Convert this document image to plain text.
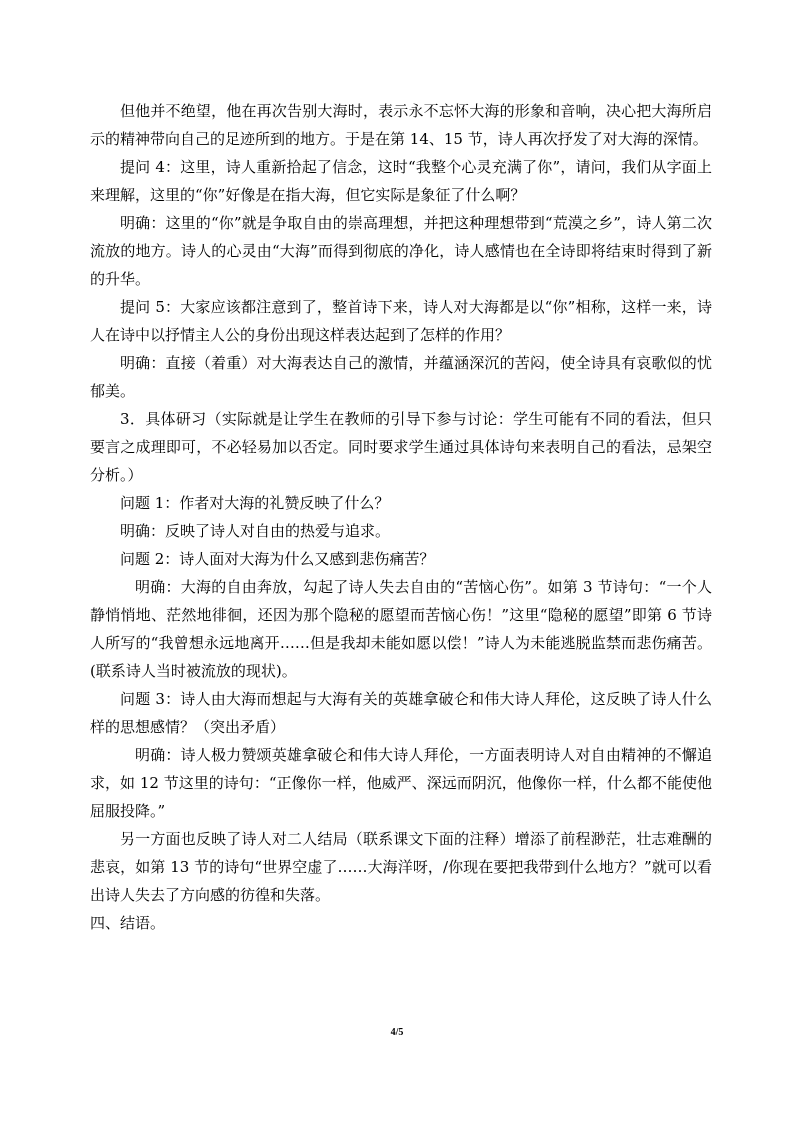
但他并不绝望，他在再次告别大海时，表示永不忘怀大海的形象和音响，决心把大海所启示的精神带向自己的足迹所到的地方。于是在第 14、15 节，诗人再次抒发了对大海的深情。

提问 4：这里，诗人重新拾起了信念，这时“我整个心灵充满了你”，请问，我们从字面上来理解，这里的“你”好像是在指大海，但它实际是象征了什么啊？

明确：这里的“你”就是争取自由的崇高理想，并把这种理想带到“荒漠之乡”，诗人第二次流放的地方。诗人的心灵由“大海”而得到彻底的净化，诗人感情也在全诗即将结束时得到了新的升华。

提问 5：大家应该都注意到了，整首诗下来，诗人对大海都是以“你”相称，这样一来，诗人在诗中以抒情主人公的身份出现这样表达起到了怎样的作用？

明确：直接（着重）对大海表达自己的激情，并蕴涵深沉的苦闷，使全诗具有哀歌似的忧郁美。

3．具体研习（实际就是让学生在教师的引导下参与讨论：学生可能有不同的看法，但只要言之成理即可，不必轻易加以否定。同时要求学生通过具体诗句来表明自己的看法，忌架空分析。）

问题 1：作者对大海的礼赞反映了什么？

明确：反映了诗人对自由的热爱与追求。

问题 2：诗人面对大海为什么又感到悲伤痛苦？

明确：大海的自由奔放，勾起了诗人失去自由的“苦恼心伤”。如第 3 节诗句：“一个人静悄悄地、茫然地徘徊，还因为那个隐秘的愿望而苦恼心伤！”这里“隐秘的愿望”即第 6 节诗人所写的“我曾想永远地离开……但是我却未能如愿以偿！”诗人为未能逃脱监禁而悲伤痛苦。(联系诗人当时被流放的现状)。

问题 3：诗人由大海而想起与大海有关的英雄拿破仑和伟大诗人拜伦，这反映了诗人什么样的思想感情？（突出矛盾）

明确：诗人极力赞颂英雄拿破仑和伟大诗人拜伦，一方面表明诗人对自由精神的不懈追求，如 12 节这里的诗句：“正像你一样，他威严、深远而阴沉，他像你一样，什么都不能使他屈服投降。”

另一方面也反映了诗人对二人结局（联系课文下面的注释）增添了前程渺茫，壮志难酬的悲哀，如第 13 节的诗句“世界空虚了……大海洋呀，/你现在要把我带到什么地方？”就可以看出诗人失去了方向感的彷徨和失落。

四、结语。

4/5
